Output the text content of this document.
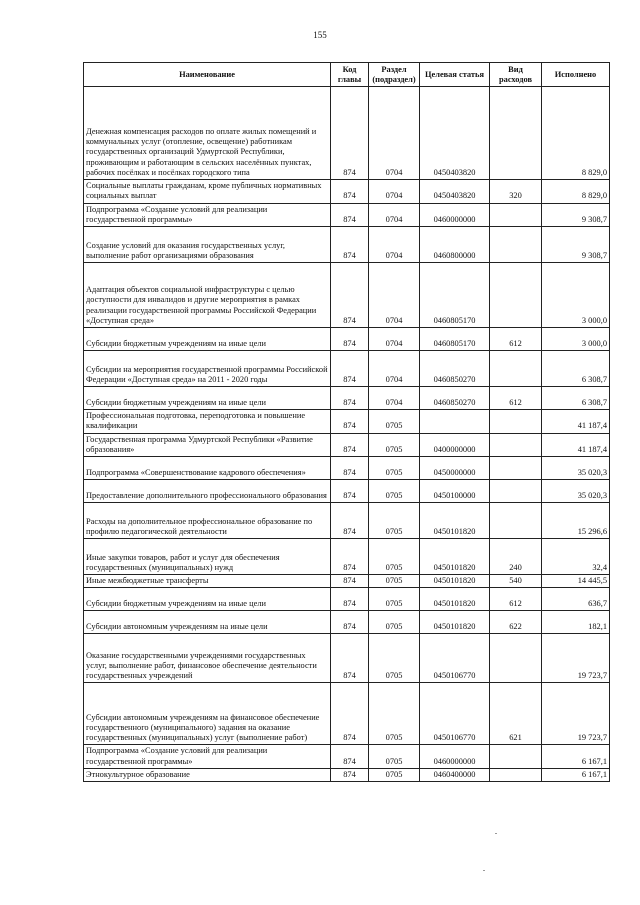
155
Наименование	Код главы	Раздел (подраздел)	Целевая статья	Вид расходов	Исполнено
Денежная компенсация расходов по оплате жилых помещений и коммунальных услуг (отопление, освещение) работникам государственных организаций Удмуртской Республики, проживающим и работающим в сельских населённых пунктах, рабочих посёлках и посёлках городского типа	874	0704	0450403820		8 829,0
Социальные выплаты гражданам, кроме публичных нормативных социальных выплат	874	0704	0450403820	320	8 829,0
Подпрограмма «Создание условий для реализации государственной программы»	874	0704	0460000000		9 308,7
Создание условий для оказания государственных услуг, выполнение работ организациями образования	874	0704	0460800000		9 308,7
Адаптация объектов социальной инфраструктуры с целью доступности для инвалидов и другие мероприятия в рамках реализации государственной программы Российской Федерации «Доступная среда»	874	0704	0460805170		3 000,0
Субсидии бюджетным учреждениям на иные цели	874	0704	0460805170	612	3 000,0
Субсидии на мероприятия государственной программы Российской Федерации «Доступная среда» на 2011 - 2020 годы	874	0704	0460850270		6 308,7
Субсидии бюджетным учреждениям на иные цели	874	0704	0460850270	612	6 308,7
Профессиональная подготовка, переподготовка и повышение квалификации	874	0705			41 187,4
Государственная программа Удмуртской Республики «Развитие образования»	874	0705	0400000000		41 187,4
Подпрограмма «Совершенствование кадрового обеспечения»	874	0705	0450000000		35 020,3
Предоставление дополнительного профессионального образования	874	0705	0450100000		35 020,3
Расходы на дополнительное профессиональное образование по профилю педагогической деятельности	874	0705	0450101820		15 296,6
Иные закупки товаров, работ и услуг для обеспечения государственных (муниципальных) нужд	874	0705	0450101820	240	32,4
Иные межбюджетные трансферты	874	0705	0450101820	540	14 445,5
Субсидии бюджетным учреждениям на иные цели	874	0705	0450101820	612	636,7
Субсидии автономным учреждениям на иные цели	874	0705	0450101820	622	182,1
Оказание государственными учреждениями государственных услуг, выполнение работ, финансовое обеспечение деятельности государственных учреждений	874	0705	0450106770		19 723,7
Субсидии автономным учреждениям на финансовое обеспечение государственного (муниципального) задания на оказание государственных (муниципальных) услуг (выполнение работ)	874	0705	0450106770	621	19 723,7
Подпрограмма «Создание условий для реализации государственной программы»	874	0705	0460000000		6 167,1
Этнокультурное образование	874	0705	0460400000		6 167,1
